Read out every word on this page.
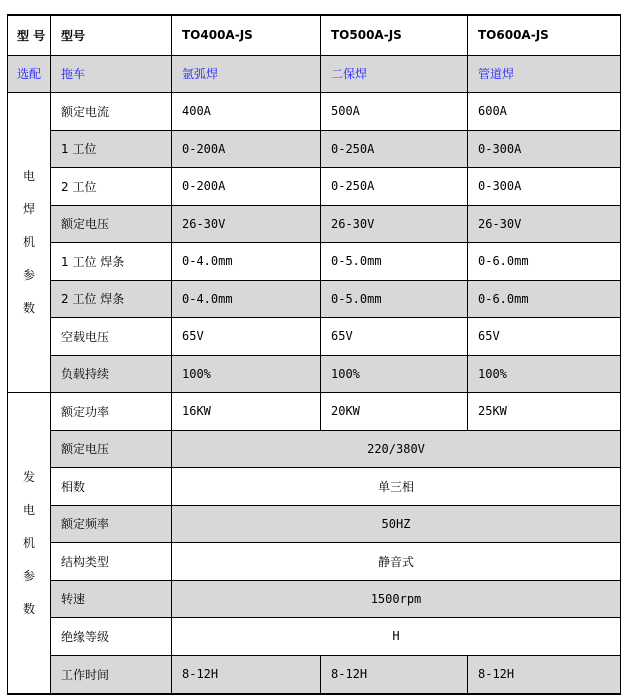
型 号	型号	TO400A-JS	TO500A-JS	TO600A-JS
选配	拖车	氩弧焊	二保焊	管道焊

电
焊
机
参
数	额定电流	400A	500A	600A
	1 工位	0-200A	0-250A	0-300A
	2 工位	0-200A	0-250A	0-300A
	额定电压	26-30V	26-30V	26-30V
	1 工位 焊条	0-4.0mm	0-5.0mm	0-6.0mm
	2 工位 焊条	0-4.0mm	0-5.0mm	0-6.0mm
	空载电压	65V	65V	65V
	负载持续	100%	100%	100%

发
电
机
参
数	额定功率	16KW	20KW	25KW
	额定电压	220/380V		
	相数	单三相		
	额定频率	50HZ		
	结构类型	静音式		
	转速	1500rpm		
	绝缘等级	H		
	工作时间	8-12H	8-12H	8-12H
